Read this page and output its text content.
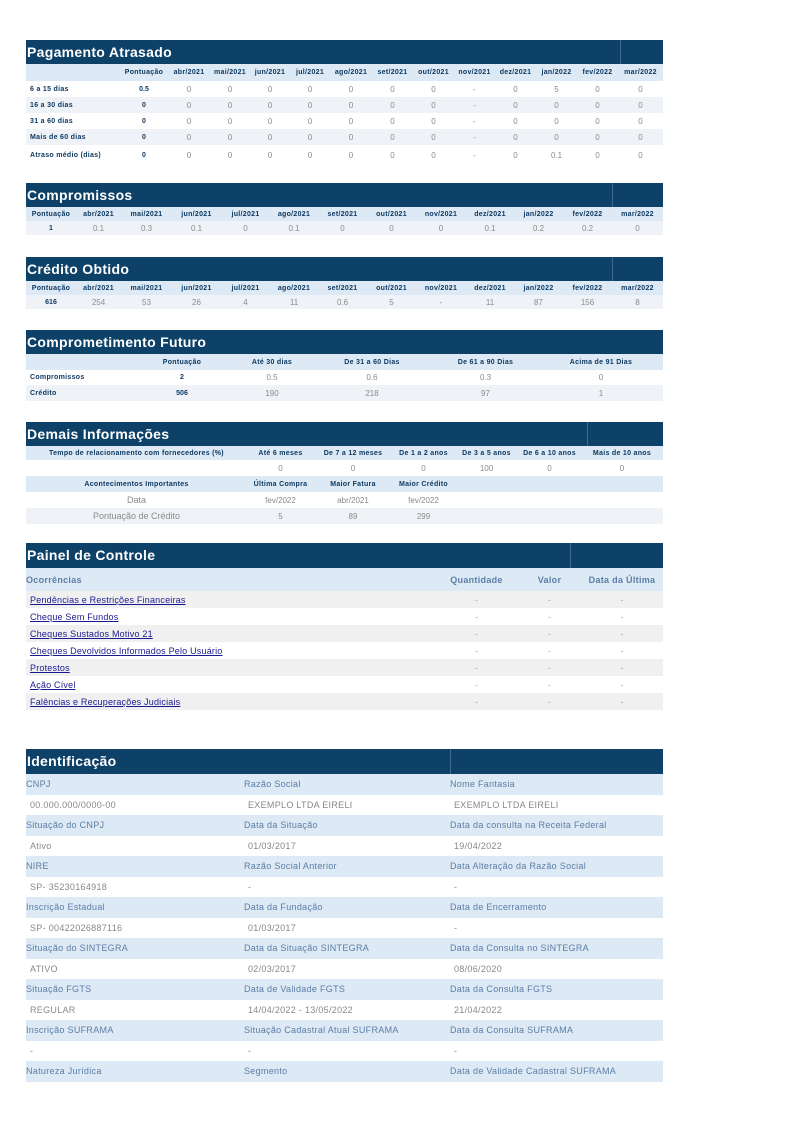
Pagamento Atrasado
	Pontuação	abr/2021	mai/2021	jun/2021	jul/2021	ago/2021	set/2021	out/2021	nov/2021	dez/2021	jan/2022	fev/2022	mar/2022
6 a 15 dias	0.5	0	0	0	0	0	0	0	-	0	5	0	0
16 a 30 dias	0	0	0	0	0	0	0	0	-	0	0	0	0
31 a 60 dias	0	0	0	0	0	0	0	0	-	0	0	0	0
Mais de 60 dias	0	0	0	0	0	0	0	0	-	0	0	0	0
Atraso médio (dias)	0	0	0	0	0	0	0	0	-	0	0.1	0	0
Compromissos
Pontuação	abr/2021	mai/2021	jun/2021	jul/2021	ago/2021	set/2021	out/2021	nov/2021	dez/2021	jan/2022	fev/2022	mar/2022
1	0.1	0.3	0.1	0	0.1	0	0	0	0.1	0.2	0.2	0
Crédito Obtido
Pontuação	abr/2021	mai/2021	jun/2021	jul/2021	ago/2021	set/2021	out/2021	nov/2021	dez/2021	jan/2022	fev/2022	mar/2022
616	254	53	26	4	11	0.6	5	-	11	87	156	8
Comprometimento Futuro
	Pontuação	Até 30 dias	De 31 a 60 Dias	De 61 a 90 Dias	Acima de 91 Dias
Compromissos	2	0.5	0.6	0.3	0
Crédito	506	190	218	97	1
Demais Informações
Tempo de relacionamento com fornecedores (%)	Até 6 meses	De 7 a 12 meses	De 1 a 2 anos	De 3 a 5 anos	De 6 a 10 anos	Mais de 10 anos
	0	0	0	100	0	0
Acontecimentos Importantes	Última Compra	Maior Fatura	Maior Crédito	
Data	fev/2022	abr/2021	fev/2022	
Pontuação de Crédito	5	89	299	
Painel de Controle
Ocorrências	Quantidade	Valor	Data da Última
Pendências e Restrições Financeiras	-	-	-
Cheque Sem Fundos	-	-	-
Cheques Sustados Motivo 21	-	-	-
Cheques Devolvidos Informados Pelo Usuário	-	-	-
Protestos	-	-	-
Ação Cível	-	-	-
Falências e Recuperações Judiciais	-	-	-
Identificação
CNPJ	Razão Social	Nome Fantasia
00.000.000/0000-00	EXEMPLO LTDA EIRELI	EXEMPLO LTDA EIRELI
Situação do CNPJ	Data da Situação	Data da consulta na Receita Federal
Ativo	01/03/2017	19/04/2022
NIRE	Razão Social Anterior	Data Alteração da Razão Social
SP- 35230164918	-	-
Inscrição Estadual	Data da Fundação	Data de Encerramento
SP- 00422026887116	01/03/2017	-
Situação do SINTEGRA	Data da Situação SINTEGRA	Data da Consulta no SINTEGRA
ATIVO	02/03/2017	08/06/2020
Situação FGTS	Data de Validade FGTS	Data da Consulta FGTS
REGULAR	14/04/2022 - 13/05/2022	21/04/2022
Inscrição SUFRAMA	Situação Cadastral Atual SUFRAMA	Data da Consulta SUFRAMA
-	-	-
Natureza Jurídica	Segmento	Data de Validade Cadastral SUFRAMA
